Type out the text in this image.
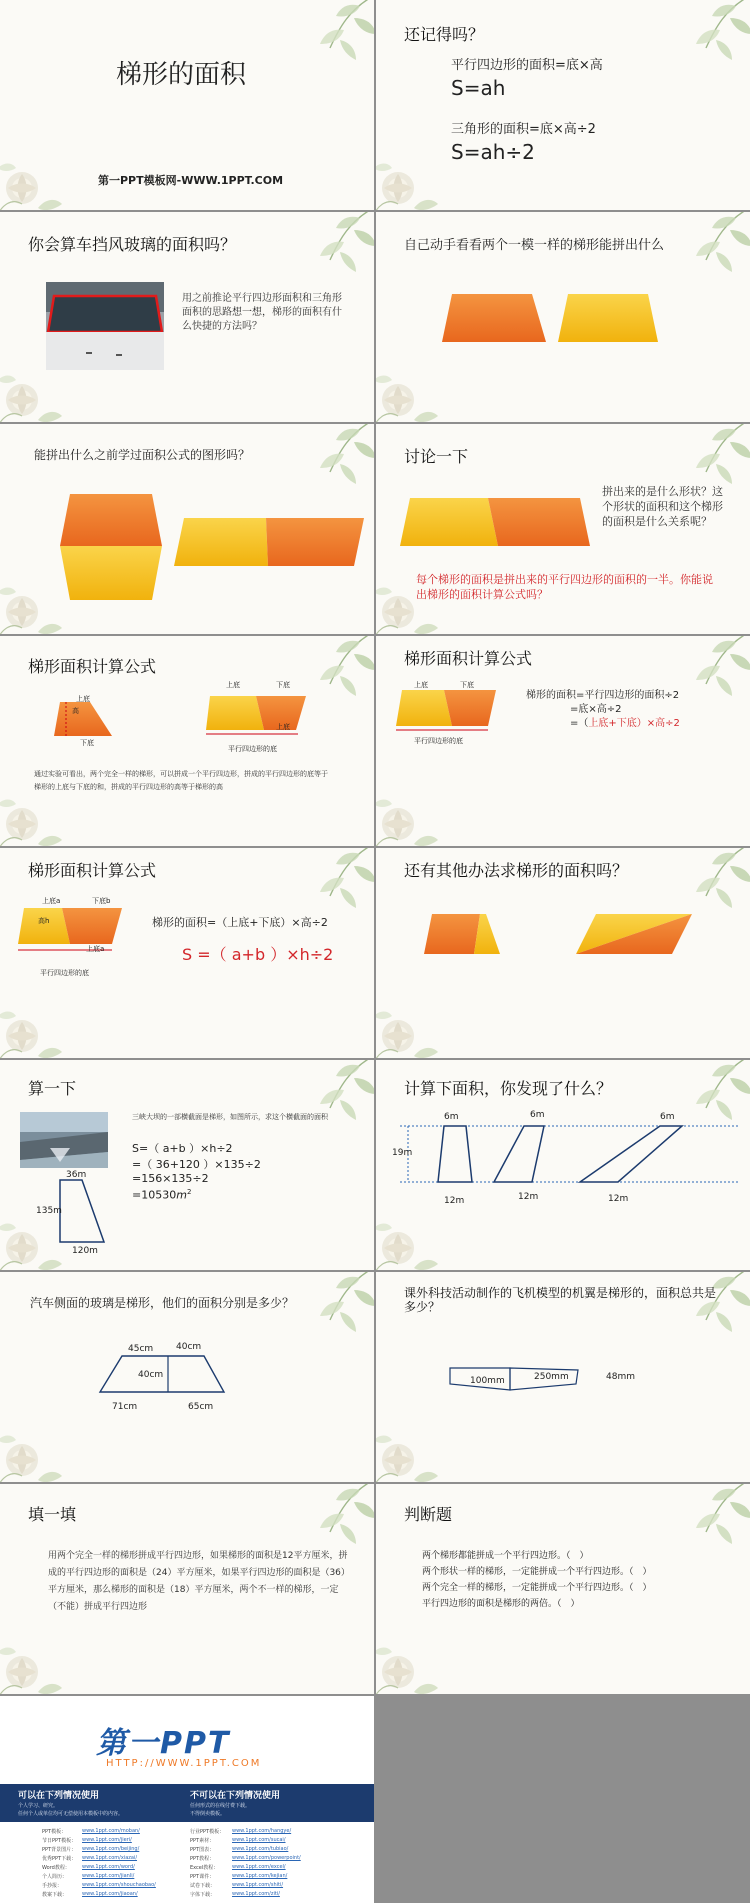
梯形的面积
第一PPT模板网-WWW.1PPT.COM
还记得吗？
平行四边形的面积=底×高
S=ah
三角形的面积=底×高÷2
S=ah÷2
你会算车挡风玻璃的面积吗？
用之前推论平行四边形面积和三角形面积的思路想一想，梯形的面积有什么快捷的方法吗？
自己动手看看两个一模一样的梯形能拼出什么
能拼出什么之前学过面积公式的图形吗？	讨论一下
拼出来的是什么形状？这个形状的面积和这个梯形的面积是什么关系呢？
每个梯形的面积是拼出来的平行四边形的面积的一半。你能说出梯形的面积计算公式吗？
梯形面积计算公式
上底
高
下底
上底	下底
上底
平行四边形的底
通过实验可看出，两个完全一样的梯形，可以拼成一个平行四边形，拼成的平行四边形的底等于梯形的上底与下底的和，拼成的平行四边形的高等于梯形的高
梯形面积计算公式
上底	下底
平行四边形的底
梯形的面积=平行四边形的面积÷2
=底×高÷2
=（上底+下底）×高÷2
梯形面积计算公式
上底a	下底b
高h
上底a
平行四边形的底
梯形的面积=（上底+下底）×高÷2
S =（ a+b ）×h÷2
还有其他办法求梯形的面积吗？
算一下
三峡大坝的一部横截面是梯形，如图所示，求这个横截面的面积
S=（ a+b ）×h÷2
=（ 36+120 ）×135÷2
=156×135÷2
$=10530m^2$
36m
135m
120m
计算下面积，你发现了什么？
6m	6m	6m
19m
12m	12m	12m
汽车侧面的玻璃是梯形，他们的面积分别是多少？
45cm	40cm
40cm
71cm	65cm
课外科技活动制作的飞机模型的机翼是梯形的，面积总共是多少？
100mm	250mm	48mm
填一填
用两个完全一样的梯形拼成平行四边形，如果梯形的面积是12平方厘米，拼成的平行四边形的面积是（24）平方厘米，如果平行四边形的面积是（36）平方厘米，那么梯形的面积是（18）平方厘米，两个不一样的梯形，一定（不能）拼成平行四边形
判断题
两个梯形都能拼成一个平行四边形。（　）
两个形状一样的梯形，一定能拼成一个平行四边形。（　）
两个完全一样的梯形，一定能拼成一个平行四边形。（　）
平行四边形的面积是梯形的两倍。（　）
第一PPT
HTTP://WWW.1PPT.COM
可以在下列情况使用	不可以在下列情况使用
个人学习、研究。
任何个人或单位均可无偿使用本模板中的内容。
任何形式的在线付费下载。
不得倒卖模板。
PPT模板：	www.1ppt.com/moban/	行业PPT模板： www.1ppt.com/hangye/
节日PPT模板： www.1ppt.com/jieri/	PPT素材：	www.1ppt.com/sucai/
PPT背景图片： www.1ppt.com/beijing/	PPT图表：	www.1ppt.com/tubiao/
优秀PPT下载： www.1ppt.com/xiazai/	PPT教程：	www.1ppt.com/powerpoint/
Word教程： www.1ppt.com/word/	Excel教程：	www.1ppt.com/excel/
个人简历：	www.1ppt.com/jianli/	PPT课件：	www.1ppt.com/kejian/
手抄报：	www.1ppt.com/shouchaobao/	试卷下载：	www.1ppt.com/shiti/
教案下载：	www.1ppt.com/jiaoan/	字体下载：	www.1ppt.com/ziti/
